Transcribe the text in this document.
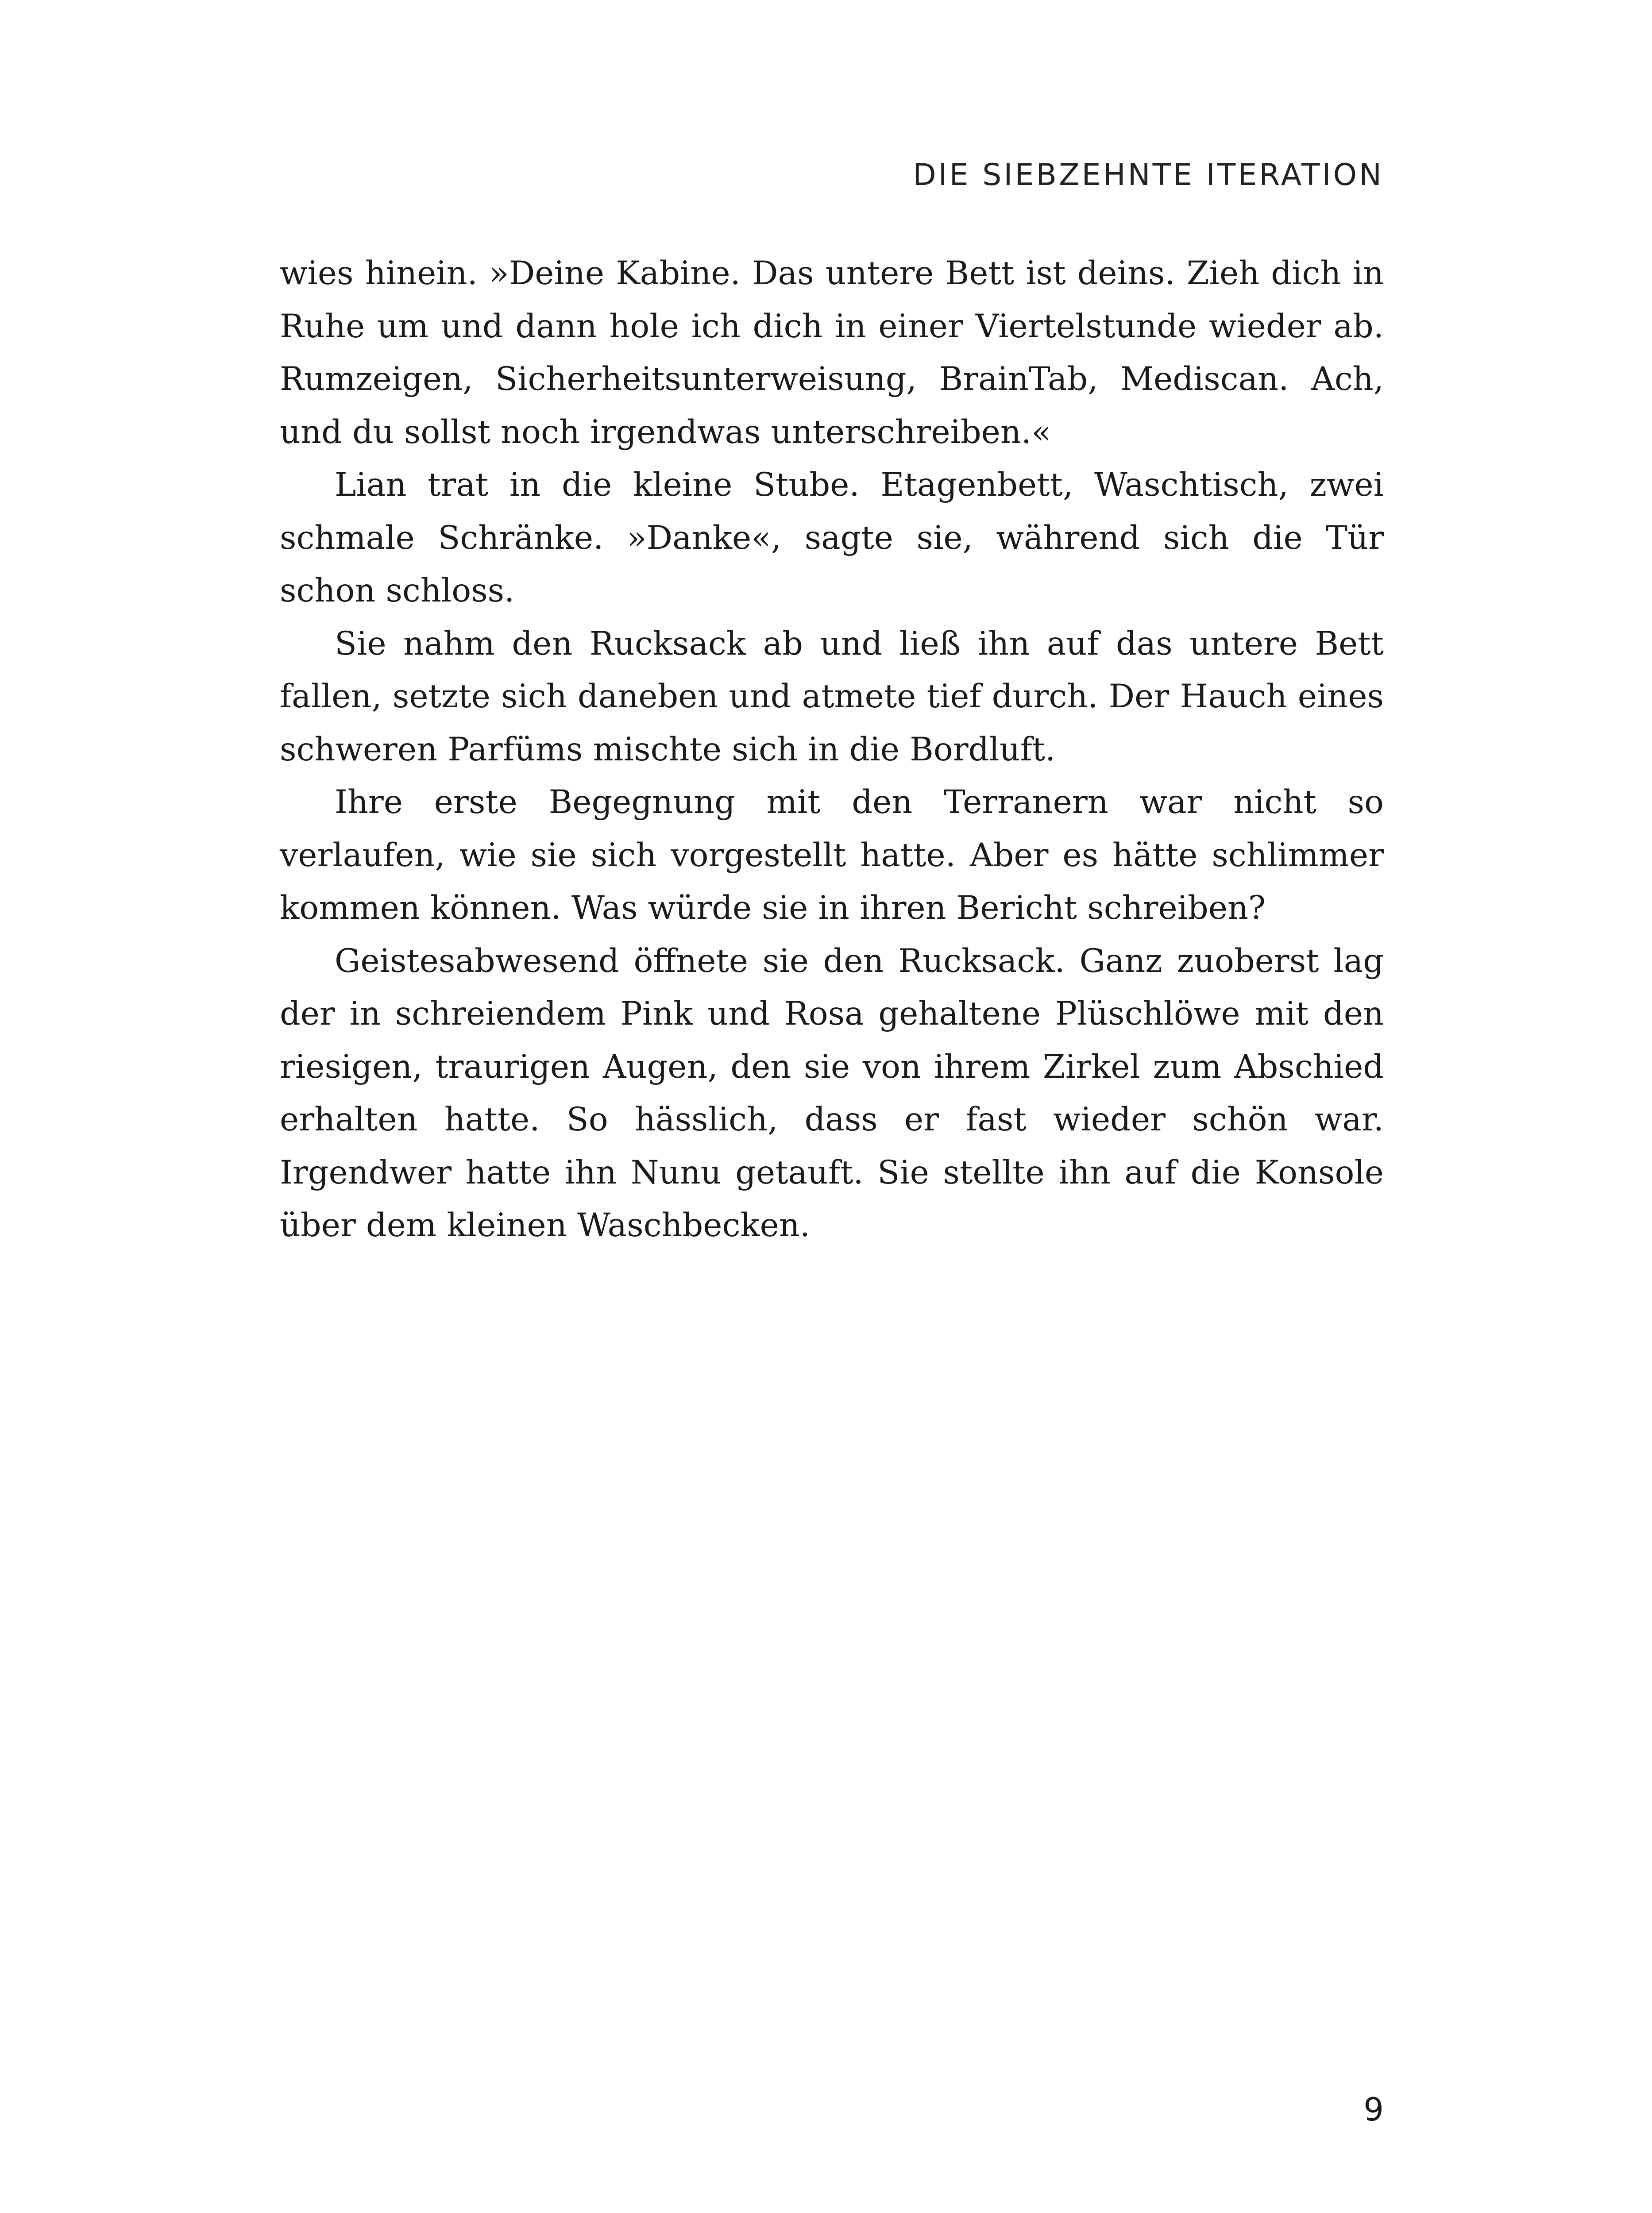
DIE SIEBZEHNTE ITERATION

wies hinein. »Deine Kabine. Das untere Bett ist deins. Zieh dich in Ruhe um und dann hole ich dich in einer Viertelstunde wieder ab. Rumzeigen, Sicherheitsunterweisung, BrainTab, Mediscan. Ach, und du sollst noch irgendwas unterschreiben.«

Lian trat in die kleine Stube. Etagenbett, Waschtisch, zwei schmale Schränke. »Danke«, sagte sie, während sich die Tür schon schloss.

Sie nahm den Rucksack ab und ließ ihn auf das untere Bett fallen, setzte sich daneben und atmete tief durch. Der Hauch eines schweren Parfüms mischte sich in die Bordluft.

Ihre erste Begegnung mit den Terranern war nicht so verlaufen, wie sie sich vorgestellt hatte. Aber es hätte schlimmer kommen können. Was würde sie in ihren Bericht schreiben?

Geistesabwesend öffnete sie den Rucksack. Ganz zuoberst lag der in schreiendem Pink und Rosa gehaltene Plüschlöwe mit den riesigen, traurigen Augen, den sie von ihrem Zirkel zum Abschied erhalten hatte. So hässlich, dass er fast wieder schön war. Irgendwer hatte ihn Nunu getauft. Sie stellte ihn auf die Konsole über dem kleinen Waschbecken.

9
